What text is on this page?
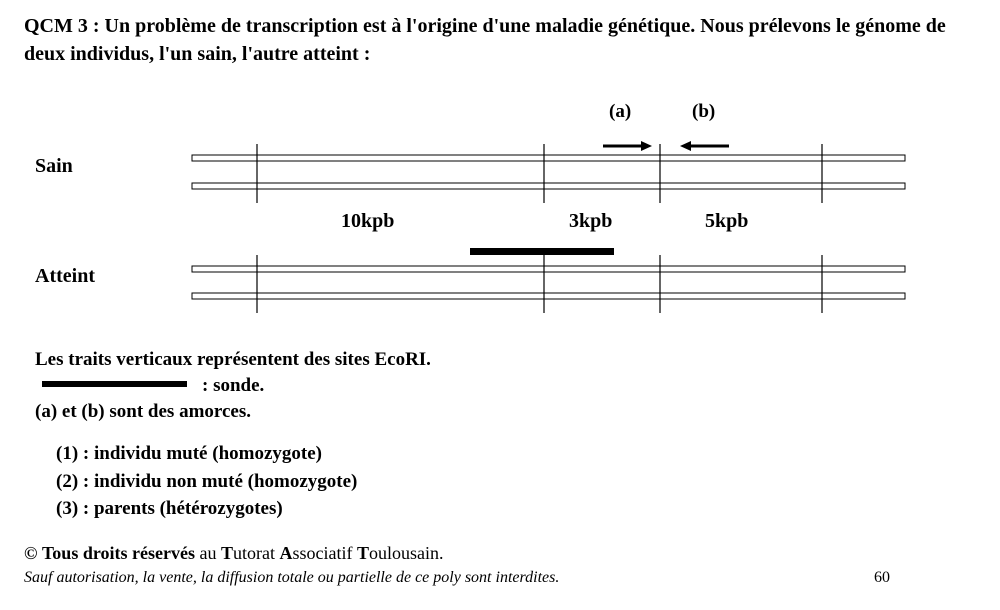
QCM 3 : Un problème de transcription est à l'origine d'une maladie génétique. Nous prélevons le génome de deux individus, l'un sain, l'autre atteint :
(a)	(b)
Sain
Atteint
10kpb	3kpb	5kpb
Les traits verticaux représentent des sites EcoRI.
: sonde.
(a) et (b) sont des amorces.
(1) : individu muté (homozygote)
(2) : individu non muté (homozygote)
(3) : parents (hétérozygotes)
© Tous droits réservés au Tutorat Associatif Toulousain.
Sauf autorisation, la vente, la diffusion totale ou partielle de ce poly sont interdites.	60
